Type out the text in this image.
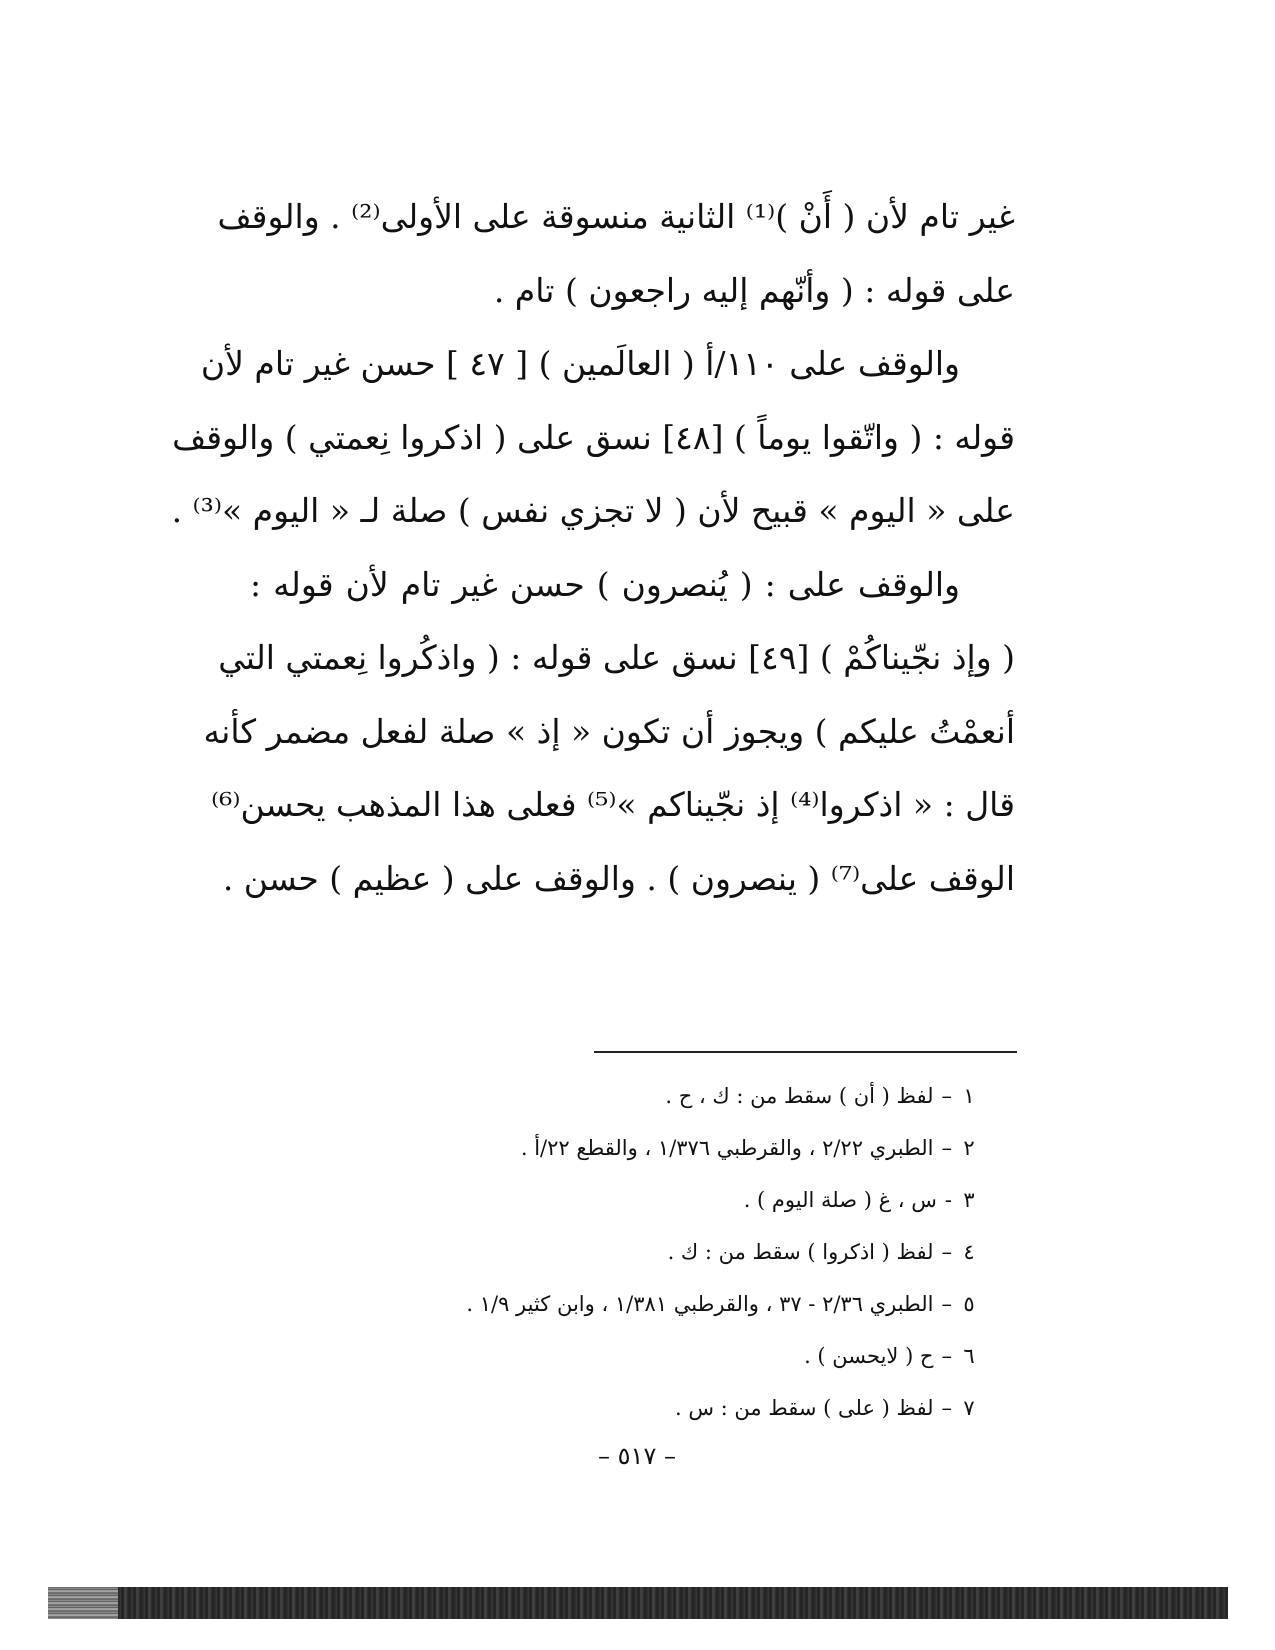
غير تام لأن ( أَنْ )⁽¹⁾ الثانية منسوقة على الأولى⁽²⁾ . والوقف
على قوله : ( وأنّهم إليه راجعون ) تام .
والوقف على ١١٠/أ ( العالَمين ) [ ٤٧ ] حسن غير تام لأن
قوله : ( واتّقوا يوماً ) [٤٨] نسق على ( اذكروا نِعمتي ) والوقف
على « اليوم » قبيح لأن ( لا تجزي نفس ) صلة لـ « اليوم »⁽³⁾ .
والوقف على : ( يُنصرون ) حسن غير تام لأن قوله :
( وإذ نجّيناكُمْ ) [٤٩] نسق على قوله : ( واذكُروا نِعمتي التي
أنعمْتُ عليكم ) ويجوز أن تكون « إذ » صلة لفعل مضمر كأنه
قال : « اذكروا⁽⁴⁾ إذ نجّيناكم »⁽⁵⁾ فعلى هذا المذهب يحسن⁽⁶⁾
الوقف على⁽⁷⁾ ( ينصرون ) . والوقف على ( عظيم ) حسن .
١–لفظ ( أن ) سقط من : ك ، ح .
٢–الطبري ٢/٢٢ ، والقرطبي ١/٣٧٦ ، والقطع ٢٢/أ .
٣-س ، غ ( صلة اليوم ) .
٤–لفظ ( اذكروا ) سقط من : ك .
٥–الطبري ٢/٣٦ - ٣٧ ، والقرطبي ١/٣٨١ ، وابن كثير ١/٩ .
٦–ح ( لايحسن ) .
٧–لفظ ( على ) سقط من : س .
– ٥١٧ –
